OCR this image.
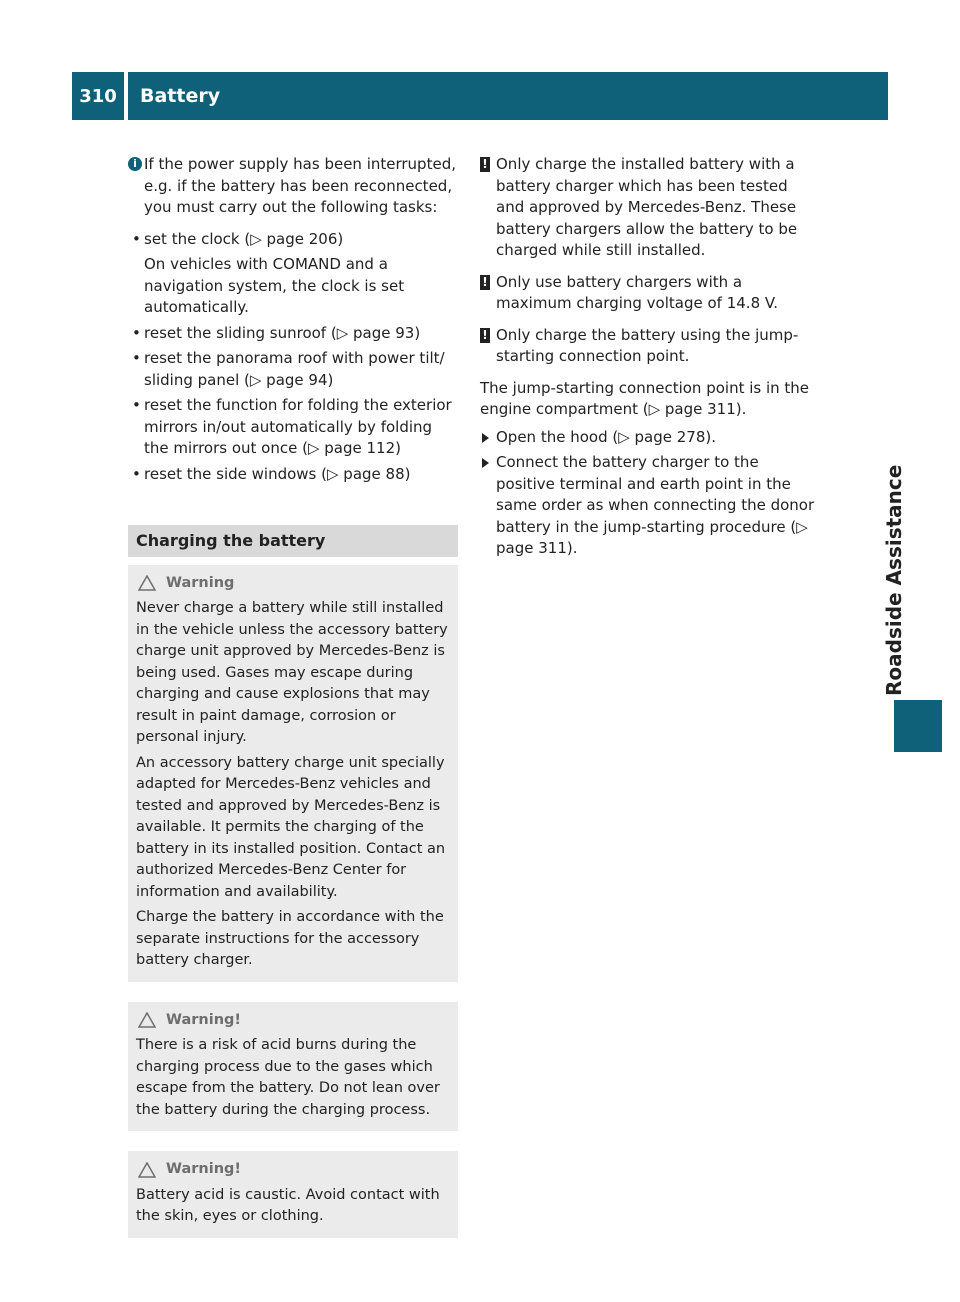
310	Battery
Roadside Assistance

i If the power supply has been interrupted, e.g. if the battery has been reconnected, you must carry out the following tasks:

• set the clock (▷ page 206)
On vehicles with COMAND and a navigation system, the clock is set automatically.
• reset the sliding sunroof (▷ page 93)
• reset the panorama roof with power tilt/ sliding panel (▷ page 94)
• reset the function for folding the exterior mirrors in/out automatically by folding the mirrors out once (▷ page 112)
• reset the side windows (▷ page 88)
Charging the battery
Warning

Never charge a battery while still installed in the vehicle unless the accessory battery charge unit approved by Mercedes-Benz is being used. Gases may escape during charging and cause explosions that may result in paint damage, corrosion or personal injury.

An accessory battery charge unit specially adapted for Mercedes-Benz vehicles and tested and approved by Mercedes-Benz is available. It permits the charging of the battery in its installed position. Contact an authorized Mercedes-Benz Center for information and availability.

Charge the battery in accordance with the separate instructions for the accessory battery charger.

Warning!

There is a risk of acid burns during the charging process due to the gases which escape from the battery. Do not lean over the battery during the charging process.

Warning!

Battery acid is caustic. Avoid contact with the skin, eyes or clothing.

! Only charge the installed battery with a battery charger which has been tested and approved by Mercedes-Benz. These battery chargers allow the battery to be charged while still installed.

! Only use battery chargers with a maximum charging voltage of 14.8 V.

! Only charge the battery using the jump-starting connection point.

The jump-starting connection point is in the engine compartment (▷ page 311).

Open the hood (▷ page 278).
Connect the battery charger to the positive terminal and earth point in the same order as when connecting the donor battery in the jump-starting procedure (▷ page 311).
